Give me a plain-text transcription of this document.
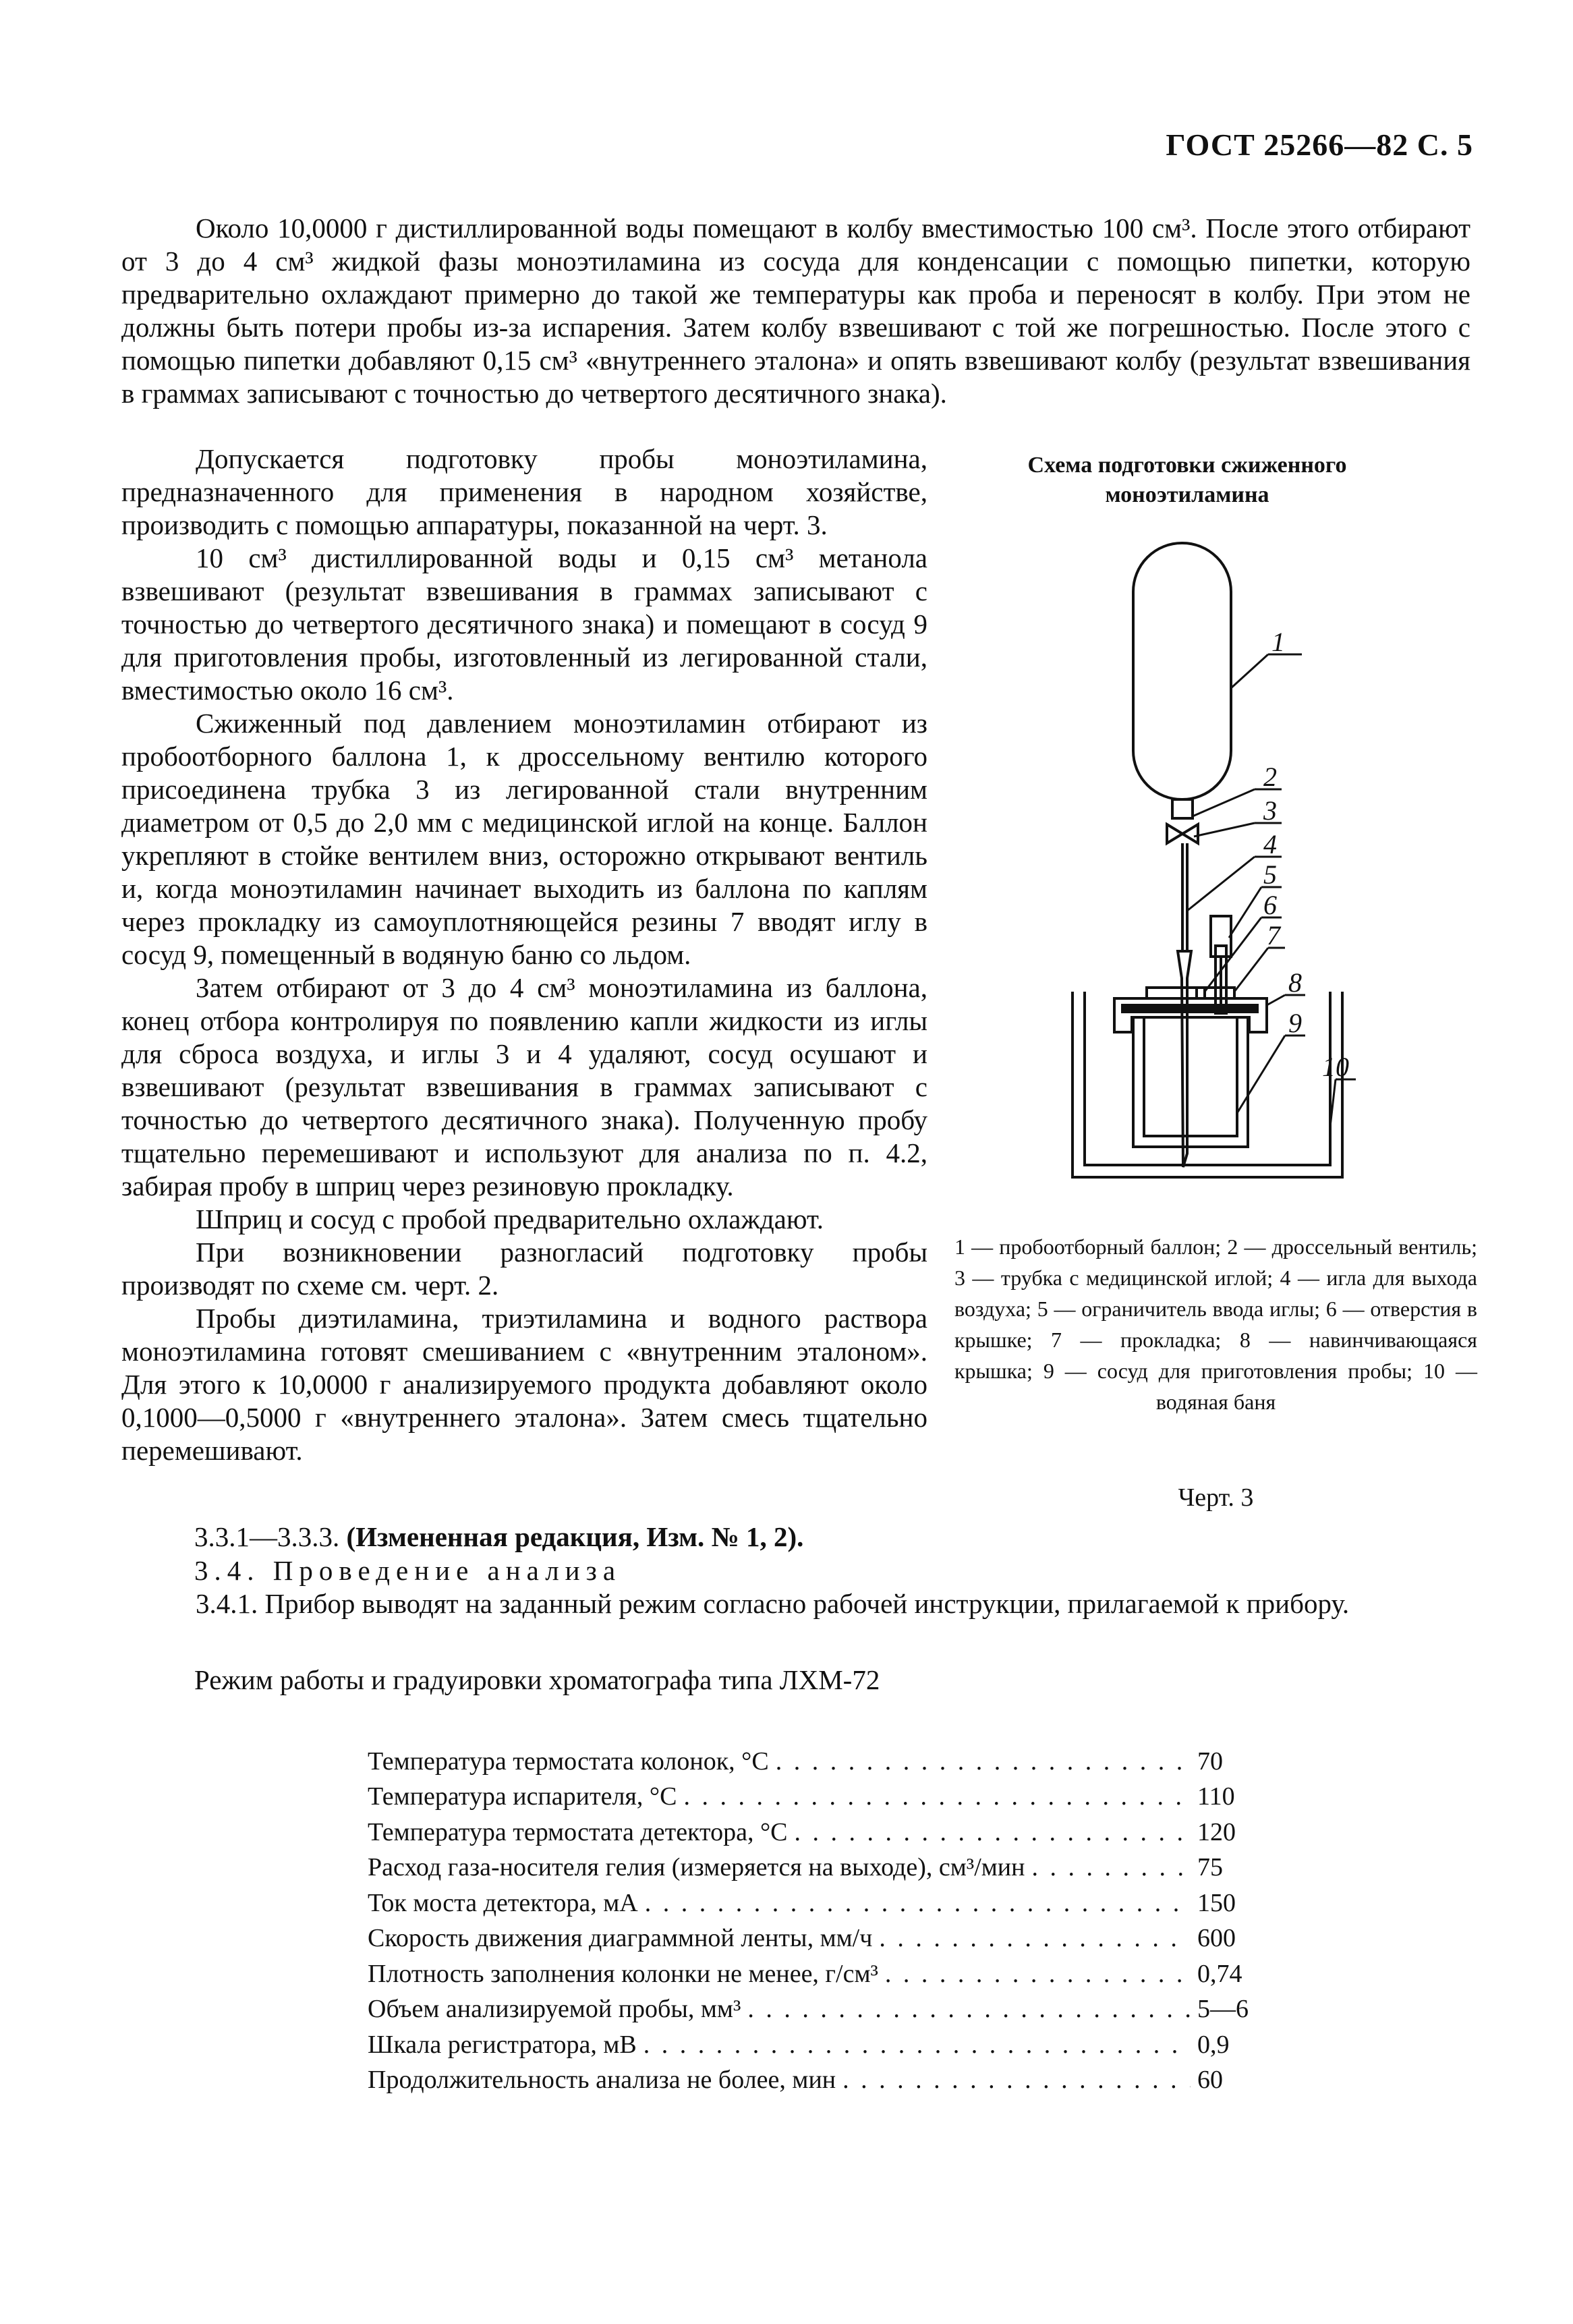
ГОСТ 25266—82 С. 5

Около 10,0000 г дистиллированной воды помещают в колбу вместимостью 100 см³. После этого отбирают от 3 до 4 см³ жидкой фазы моноэтиламина из сосуда для конденсации с помощью пипетки, которую предварительно охлаждают примерно до такой же температуры как проба и переносят в колбу. При этом не должны быть потери пробы из-за испарения. Затем колбу взвешивают с той же погрешностью. После этого с помощью пипетки добавляют 0,15 см³ «внутреннего эталона» и опять взвешивают колбу (результат взвешивания в граммах записывают с точностью до четвертого десятичного знака).

Допускается подготовку пробы моноэтиламина, предназначенного для применения в народном хозяйстве, производить с помощью аппаратуры, показанной на черт. 3.

10 см³ дистиллированной воды и 0,15 см³ метанола взвешивают (результат взвешивания в граммах записывают с точностью до четвертого десятичного знака) и помещают в сосуд 9 для приготовления пробы, изготовленный из легированной стали, вместимостью около 16 см³.

Сжиженный под давлением моноэтиламин отбирают из пробоотборного баллона 1, к дроссельному вентилю которого присоединена трубка 3 из легированной стали внутренним диаметром от 0,5 до 2,0 мм с медицинской иглой на конце. Баллон укрепляют в стойке вентилем вниз, осторожно открывают вентиль и, когда моноэтиламин начинает выходить из баллона по каплям через прокладку из самоуплотняющейся резины 7 вводят иглу в сосуд 9, помещенный в водяную баню со льдом.

Затем отбирают от 3 до 4 см³ моноэтиламина из баллона, конец отбора контролируя по появлению капли жидкости из иглы для сброса воздуха, и иглы 3 и 4 удаляют, сосуд осушают и взвешивают (результат взвешивания в граммах записывают с точностью до четвертого десятичного знака). Полученную пробу тщательно перемешивают и используют для анализа по п. 4.2, забирая пробу в шприц через резиновую прокладку.

Шприц и сосуд с пробой предварительно охлаждают.

При возникновении разногласий подготовку пробы производят по схеме см. черт. 2.

Пробы диэтиламина, триэтиламина и водного раствора моноэтиламина готовят смешиванием с «внутренним эталоном». Для этого к 10,0000 г анализируемого продукта добавляют около 0,1000—0,5000 г «внутреннего эталона». Затем смесь тщательно перемешивают.

Схема подготовки сжиженного моноэтиламина
1
2
3
4
5
6
7
8
9
10
1 — пробоотборный баллон; 2 — дроссельный вентиль; 3 — трубка с медицинской иглой; 4 — игла для выхода воздуха; 5 — ограничитель ввода иглы; 6 — отверстия в крышке; 7 — прокладка; 8 — навинчивающаяся крышка; 9 — сосуд для приготовления пробы; 10 — водяная баня
Черт. 3
3.3.1—3.3.3. (Измененная редакция, Изм. № 1, 2).
3.4. Проведение анализа

3.4.1. Прибор выводят на заданный режим согласно рабочей инструкции, прилагаемой к прибору.

Режим работы и градуировки хроматографа типа ЛХМ-72
Температура термостата колонок, °С . . .	70
Температура испарителя, °С . . .	110
Температура термостата детектора, °С . . .	120
Расход газа-носителя гелия (измеряется на выходе), см³/мин . . .	75
Ток моста детектора, мА . . .	150
Скорость движения диаграммной ленты, мм/ч . . .	600
Плотность заполнения колонки не менее, г/см³ . . .	0,74
Объем анализируемой пробы, мм³ . . .	5—6
Шкала регистратора, мВ . . .	0,9
Продолжительность анализа не более, мин . . .	60
